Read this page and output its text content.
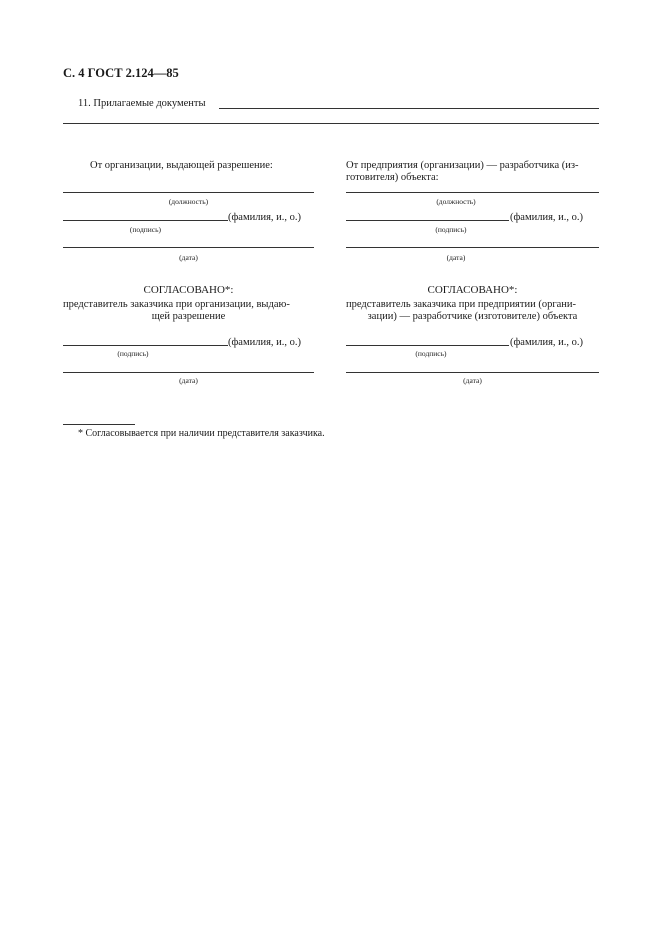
С. 4 ГОСТ 2.124—85
11. Прилагаемые документы
От организации, выдающей разрешение:
(должность)
(фамилия, и., о.)
(подпись)
(дата)
СОГЛАСОВАНО*:
представитель заказчика при организации, выдаю-
щей разрешение
(фамилия, и., о.)
(подпись)
(дата)
От предприятия (организации) — разработчика (из-
готовителя) объекта:
(должность)
(фамилия, и., о.)
(подпись)
(дата)
СОГЛАСОВАНО*:
представитель заказчика при предприятии (органи-
зации) — разработчике (изготовителе) объекта
(фамилия, и., о.)
(подпись)
(дата)
* Согласовывается при наличии представителя заказчика.
